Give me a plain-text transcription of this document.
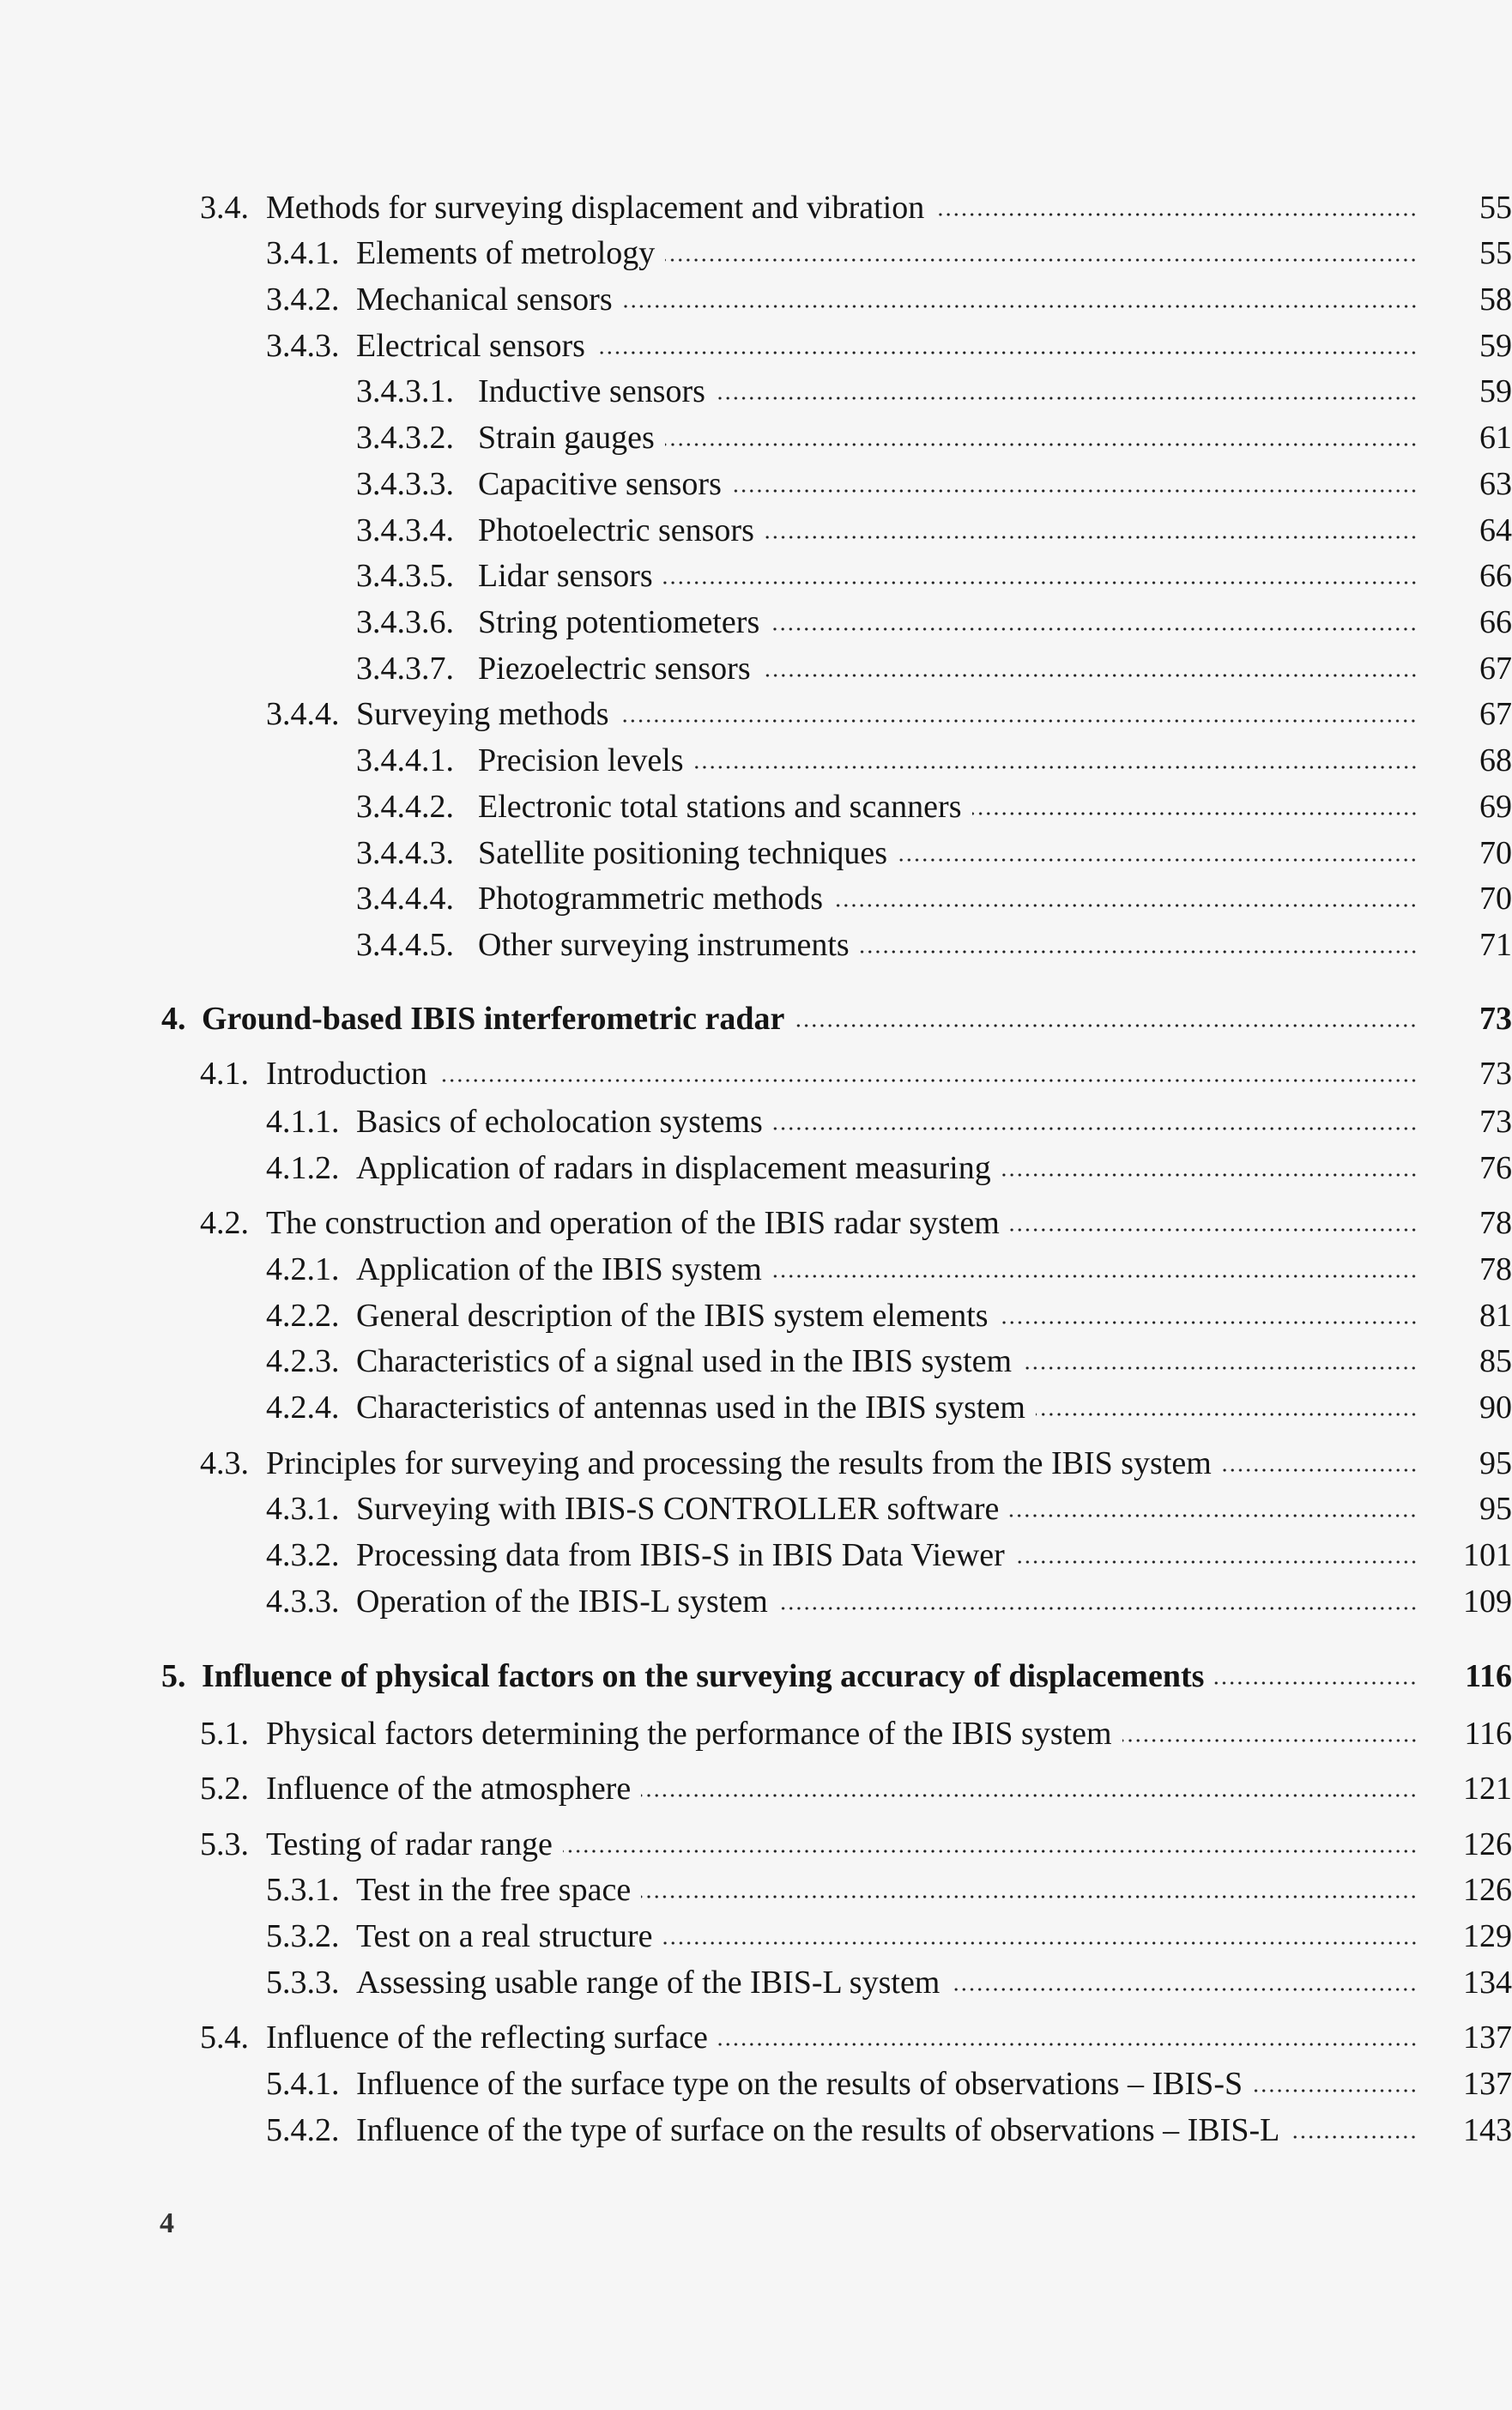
3.4. Methods for surveying displacement and vibration	55
3.4.1. Elements of metrology	55
3.4.2. Mechanical sensors	58
3.4.3. Electrical sensors	59
3.4.3.1. Inductive sensors	59
3.4.3.2. Strain gauges	61
3.4.3.3. Capacitive sensors	63
3.4.3.4. Photoelectric sensors	64
3.4.3.5. Lidar sensors	66
3.4.3.6. String potentiometers	66
3.4.3.7. Piezoelectric sensors	67
3.4.4. Surveying methods	67
3.4.4.1. Precision levels	68
3.4.4.2. Electronic total stations and scanners	69
3.4.4.3. Satellite positioning techniques	70
3.4.4.4. Photogrammetric methods	70
3.4.4.5. Other surveying instruments	71
4. Ground-based IBIS interferometric radar	73
4.1. Introduction	73
4.1.1. Basics of echolocation systems	73
4.1.2. Application of radars in displacement measuring	76
4.2. The construction and operation of the IBIS radar system	78
4.2.1. Application of the IBIS system	78
4.2.2. General description of the IBIS system elements	81
4.2.3. Characteristics of a signal used in the IBIS system	85
4.2.4. Characteristics of antennas used in the IBIS system	90
4.3. Principles for surveying and processing the results from the IBIS system	95
4.3.1. Surveying with IBIS-S CONTROLLER software	95
4.3.2. Processing data from IBIS-S in IBIS Data Viewer	101
4.3.3. Operation of the IBIS-L system	109
5. Influence of physical factors on the surveying accuracy of displacements	116
5.1. Physical factors determining the performance of the IBIS system	116
5.2. Influence of the atmosphere	121
5.3. Testing of radar range	126
5.3.1. Test in the free space	126
5.3.2. Test on a real structure	129
5.3.3. Assessing usable range of the IBIS-L system	134
5.4. Influence of the reflecting surface	137
5.4.1. Influence of the surface type on the results of observations – IBIS-S	137
5.4.2. Influence of the type of surface on the results of observations – IBIS-L	143
4
